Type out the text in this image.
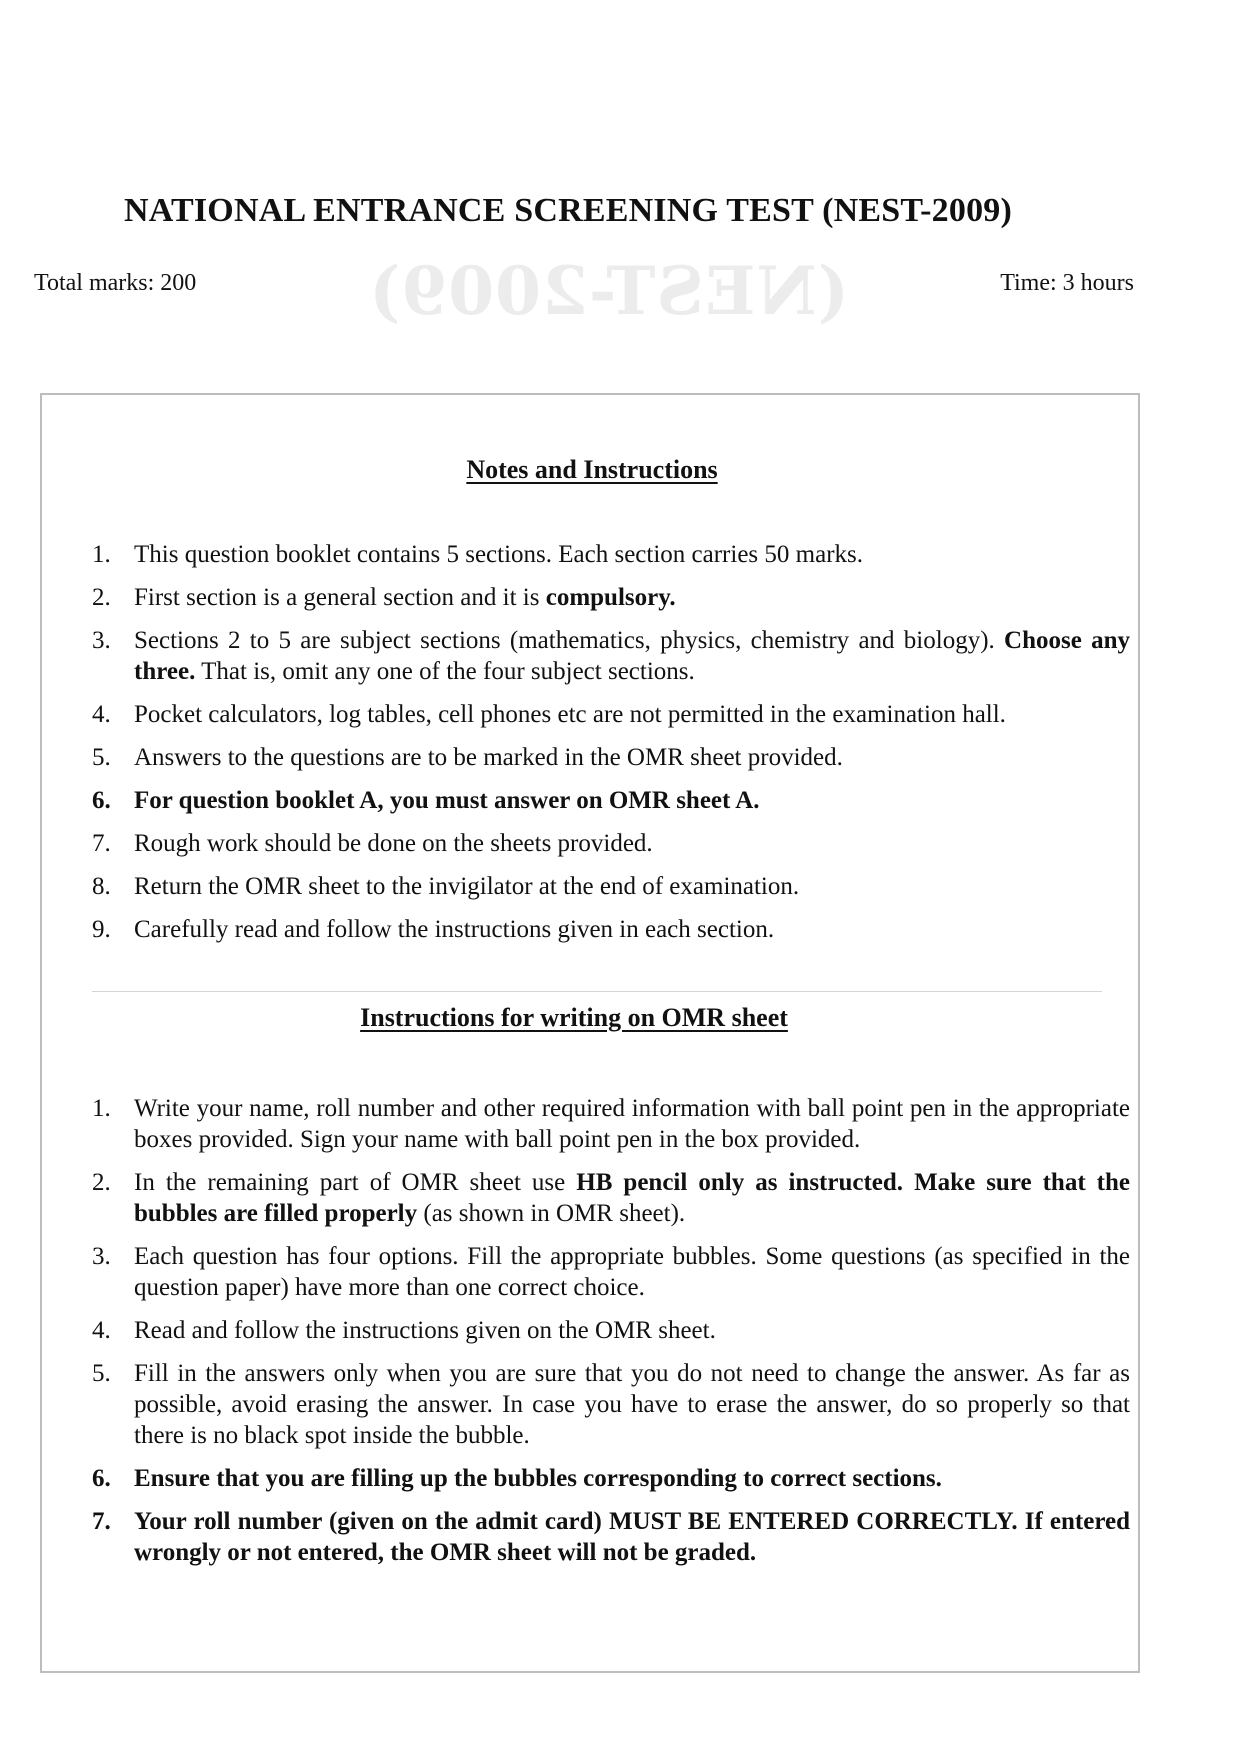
(NEST-2009)
NATIONAL ENTRANCE SCREENING TEST (NEST-2009)
Total marks: 200	Time: 3 hours
Notes and Instructions
1. This question booklet contains 5 sections. Each section carries 50 marks.
2. First section is a general section and it is compulsory.
3. Sections 2 to 5 are subject sections (mathematics, physics, chemistry and biology). Choose any three. That is, omit any one of the four subject sections.
4. Pocket calculators, log tables, cell phones etc are not permitted in the examination hall.
5. Answers to the questions are to be marked in the OMR sheet provided.
6. For question booklet A, you must answer on OMR sheet A.
7. Rough work should be done on the sheets provided.
8. Return the OMR sheet to the invigilator at the end of examination.
9. Carefully read and follow the instructions given in each section.
Instructions for writing on OMR sheet
1. Write your name, roll number and other required information with ball point pen in the appropriate boxes provided. Sign your name with ball point pen in the box provided.
2. In the remaining part of OMR sheet use HB pencil only as instructed. Make sure that the bubbles are filled properly (as shown in OMR sheet).
3. Each question has four options. Fill the appropriate bubbles. Some questions (as specified in the question paper) have more than one correct choice.
4. Read and follow the instructions given on the OMR sheet.
5. Fill in the answers only when you are sure that you do not need to change the answer. As far as possible, avoid erasing the answer. In case you have to erase the answer, do so properly so that there is no black spot inside the bubble.
6. Ensure that you are filling up the bubbles corresponding to correct sections.
7. Your roll number (given on the admit card) MUST BE ENTERED CORRECTLY. If entered wrongly or not entered, the OMR sheet will not be graded.
